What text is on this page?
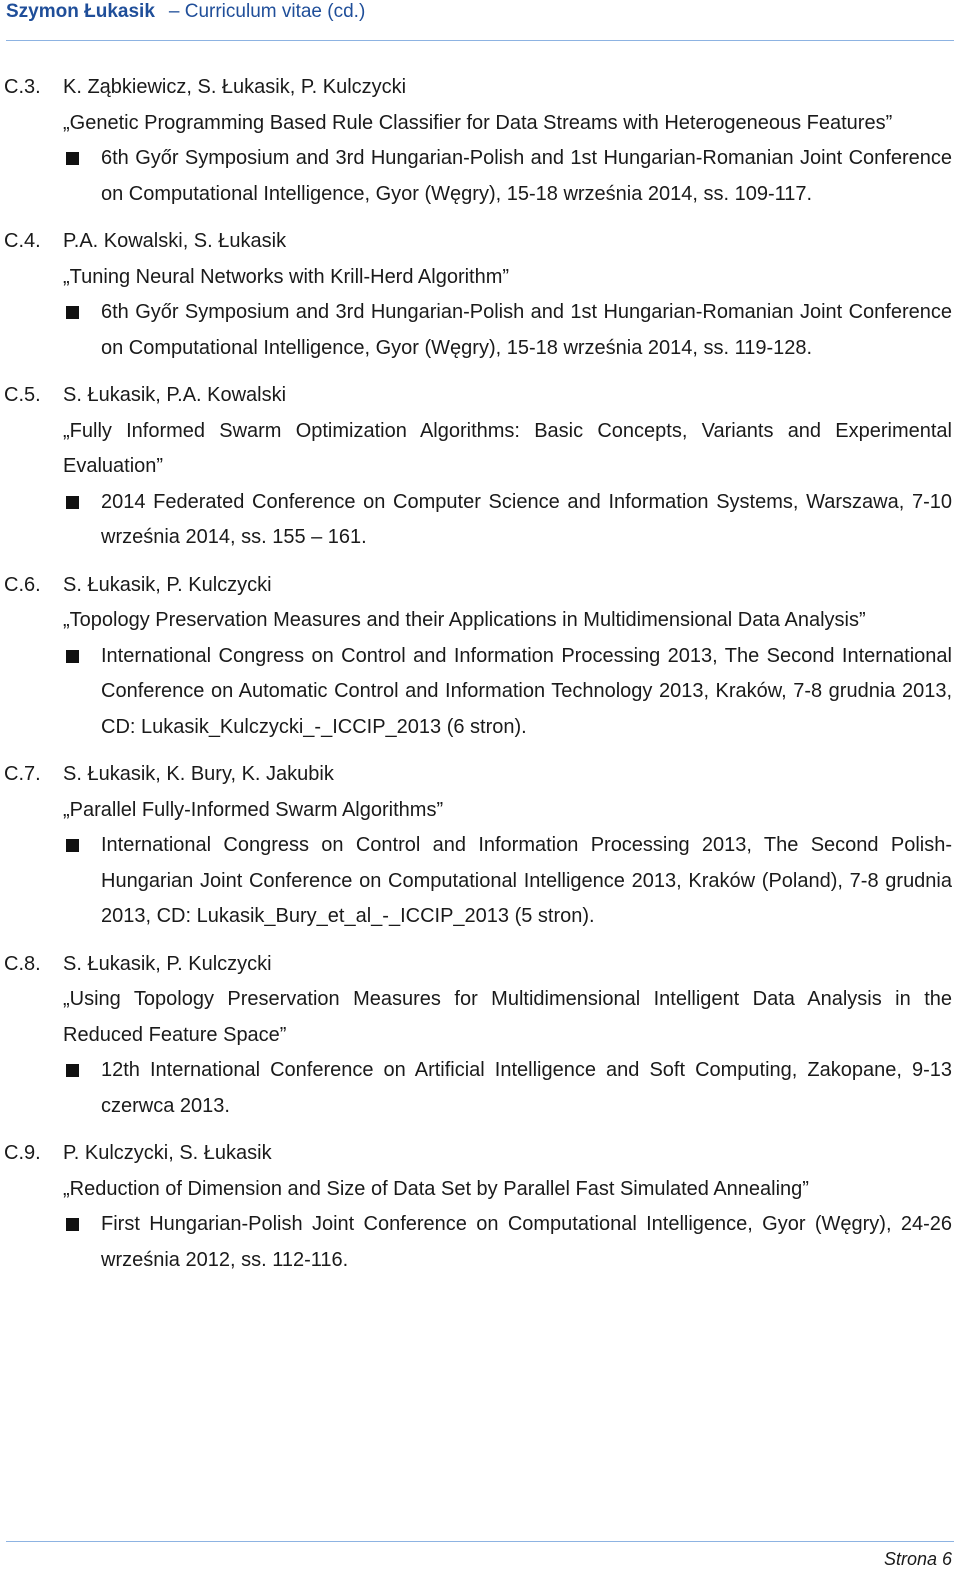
Szymon Łukasik – Curriculum vitae (cd.)
C.3. K. Ząbkiewicz, S. Łukasik, P. Kulczycki
„Genetic Programming Based Rule Classifier for Data Streams with Heterogeneous Features”
6th Győr Symposium and 3rd Hungarian-Polish and 1st Hungarian-Romanian Joint Conference on Computational Intelligence, Gyor (Węgry), 15-18 września 2014, ss. 109-117.
C.4. P.A. Kowalski, S. Łukasik
„Tuning Neural Networks with Krill-Herd Algorithm”
6th Győr Symposium and 3rd Hungarian-Polish and 1st Hungarian-Romanian Joint Conference on Computational Intelligence, Gyor (Węgry), 15-18 września 2014, ss. 119-128.
C.5. S. Łukasik, P.A. Kowalski
„Fully Informed Swarm Optimization Algorithms: Basic Concepts, Variants and Experimental Evaluation”
2014 Federated Conference on Computer Science and Information Systems, Warszawa, 7-10 września 2014, ss. 155 – 161.
C.6. S. Łukasik, P. Kulczycki
„Topology Preservation Measures and their Applications in Multidimensional Data Analysis”
International Congress on Control and Information Processing 2013, The Second International Conference on Automatic Control and Information Technology 2013, Kraków, 7-8 grudnia 2013, CD: Lukasik_Kulczycki_-_ICCIP_2013 (6 stron).
C.7. S. Łukasik, K. Bury, K. Jakubik
„Parallel Fully-Informed Swarm Algorithms”
International Congress on Control and Information Processing 2013, The Second Polish-Hungarian Joint Conference on Computational Intelligence 2013, Kraków (Poland), 7-8 grudnia 2013, CD: Lukasik_Bury_et_al_-_ICCIP_2013 (5 stron).
C.8. S. Łukasik, P. Kulczycki
„Using Topology Preservation Measures for Multidimensional Intelligent Data Analysis in the Reduced Feature Space”
12th International Conference on Artificial Intelligence and Soft Computing, Zakopane, 9-13 czerwca 2013.
C.9. P. Kulczycki, S. Łukasik
„Reduction of Dimension and Size of Data Set by Parallel Fast Simulated Annealing”
First Hungarian-Polish Joint Conference on Computational Intelligence, Gyor (Węgry), 24-26 września 2012, ss. 112-116.
Strona 6
